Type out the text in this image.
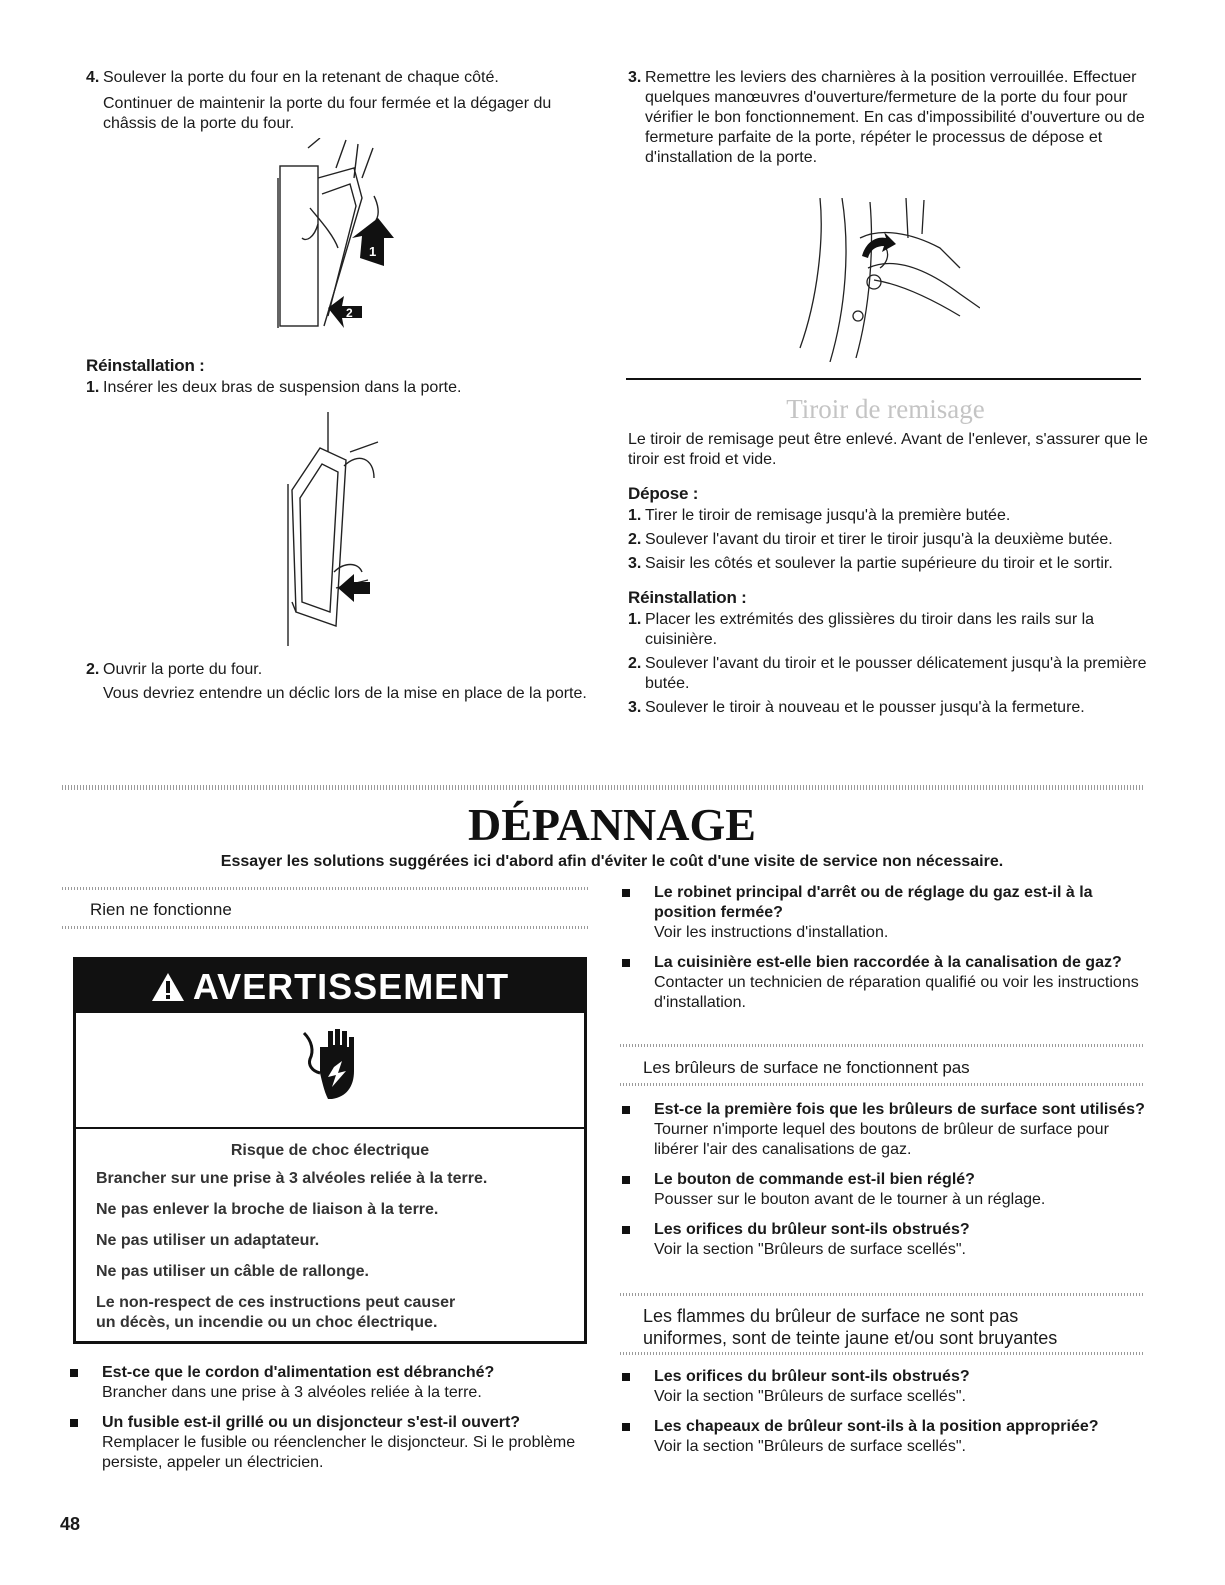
4. Soulever la porte du four en la retenant de chaque côté.

Continuer de maintenir la porte du four fermée et la dégager du châssis de la porte du four.

1
2
Réinstallation :

1. Insérer les deux bras de suspension dans la porte.

2. Ouvrir la porte du four.

Vous devriez entendre un déclic lors de la mise en place de la porte.

3. Remettre les leviers des charnières à la position verrouillée. Effectuer quelques manœuvres d'ouverture/fermeture de la porte du four pour vérifier le bon fonctionnement. En cas d'impossibilité d'ouverture ou de fermeture parfaite de la porte, répéter le processus de dépose et d'installation de la porte.

Tiroir de remisage

Le tiroir de remisage peut être enlevé. Avant de l'enlever, s'assurer que le tiroir est froid et vide.

Dépose :

1. Tirer le tiroir de remisage jusqu'à la première butée.

2. Soulever l'avant du tiroir et tirer le tiroir jusqu'à la deuxième butée.

3. Saisir les côtés et soulever la partie supérieure du tiroir et le sortir.

Réinstallation :

1. Placer les extrémités des glissières du tiroir dans les rails sur la cuisinière.

2. Soulever l'avant du tiroir et le pousser délicatement jusqu'à la première butée.

3. Soulever le tiroir à nouveau et le pousser jusqu'à la fermeture.

DÉPANNAGE
Essayer les solutions suggérées ici d'abord afin d'éviter le coût d'une visite de service non nécessaire.
Rien ne fonctionne
AVERTISSEMENT

Risque de choc électrique

Brancher sur une prise à 3 alvéoles reliée à la terre.

Ne pas enlever la broche de liaison à la terre.

Ne pas utiliser un adaptateur.

Ne pas utiliser un câble de rallonge.

Le non-respect de ces instructions peut causer

un décès, un incendie ou un choc électrique.

Est-ce que le cordon d'alimentation est débranché?
Brancher dans une prise à 3 alvéoles reliée à la terre.
Un fusible est-il grillé ou un disjoncteur s'est-il ouvert?
Remplacer le fusible ou réenclencher le disjoncteur. Si le problème persiste, appeler un électricien.
Le robinet principal d'arrêt ou de réglage du gaz est-il à la position fermée?
Voir les instructions d'installation.
La cuisinière est-elle bien raccordée à la canalisation de gaz?
Contacter un technicien de réparation qualifié ou voir les instructions d'installation.
Les brûleurs de surface ne fonctionnent pas
Est-ce la première fois que les brûleurs de surface sont utilisés?
Tourner n'importe lequel des boutons de brûleur de surface pour libérer l'air des canalisations de gaz.
Le bouton de commande est-il bien réglé?
Pousser sur le bouton avant de le tourner à un réglage.
Les orifices du brûleur sont-ils obstrués?
Voir la section "Brûleurs de surface scellés".
Les flammes du brûleur de surface ne sont pas
uniformes, sont de teinte jaune et/ou sont bruyantes
Les orifices du brûleur sont-ils obstrués?
Voir la section "Brûleurs de surface scellés".
Les chapeaux de brûleur sont-ils à la position appropriée?
Voir la section "Brûleurs de surface scellés".
48
